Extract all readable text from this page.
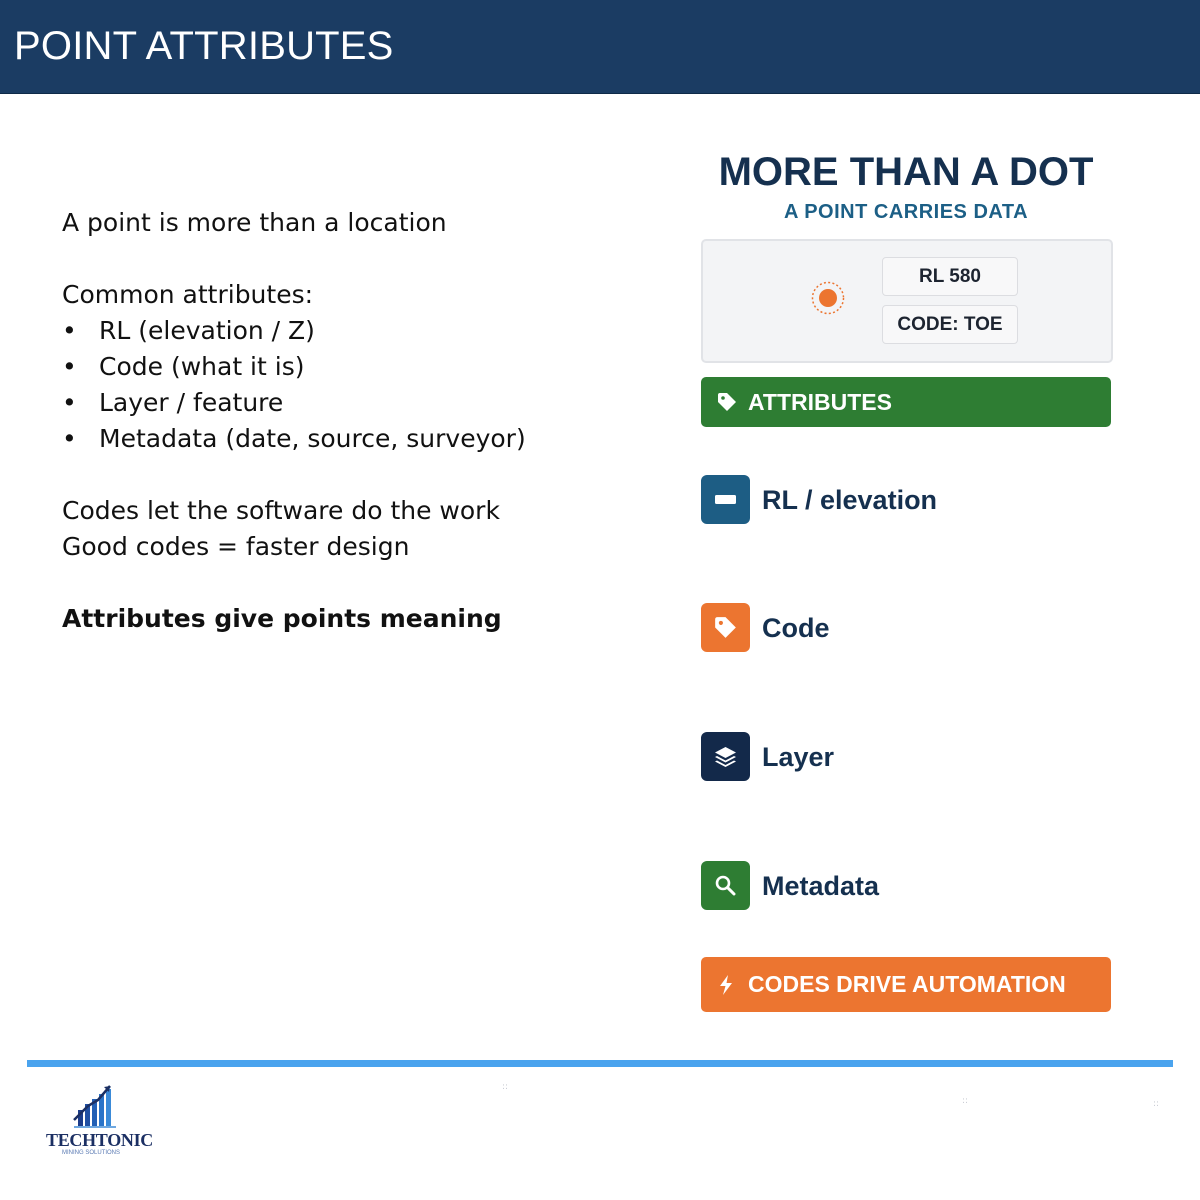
POINT ATTRIBUTES

A point is more than a location

Common attributes:

• RL (elevation / Z)
• Code (what it is)
• Layer / feature
• Metadata (date, source, surveyor)

Codes let the software do the work

Good codes = faster design

Attributes give points meaning

MORE THAN A DOT
A POINT CARRIES DATA
RL 580
CODE: TOE
ATTRIBUTES
RL / elevation
Code
Layer
Metadata
CODES DRIVE AUTOMATION
TECHTONIC
MINING SOLUTIONS
::
::	::
